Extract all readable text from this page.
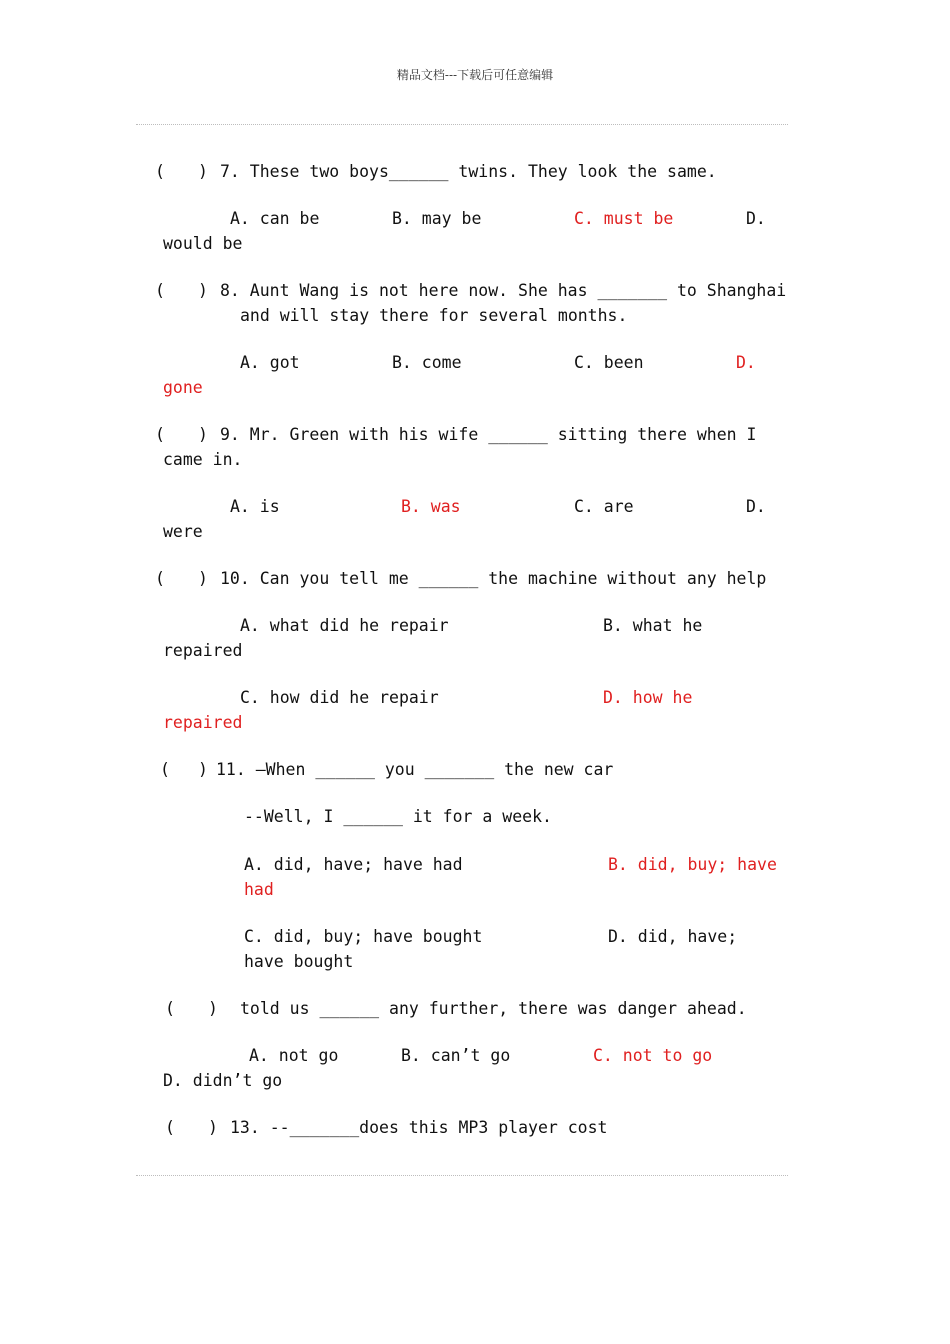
精品文档---下载后可任意编辑
( ) 7. These two boys______ twins. They look the same.
A. can be	B. may be	C. must be	D.
would be
( ) 8. Aunt Wang is not here now. She has _______ to Shanghai
and will stay there for several months.
A. got	B. come	C. been	D.
gone
( ) 9. Mr. Green with his wife ______ sitting there when I
came in.
A. is	B. was	C. are	D.
were
( ) 10. Can you tell me ______ the machine without any help
A. what did he repair	B. what he
repaired
C. how did he repair	D. how he
repaired
( ) 11. –When ______ you _______ the new car
--Well, I ______ it for a week.
A. did, have; have had	B. did, buy; have
had
C. did, buy; have bought	D. did, have;
have bought
( ) told us ______ any further, there was danger ahead.
A. not go	B. can’t go	C. not to go
D. didn’t go
( ) 13. --_______does this MP3 player cost
